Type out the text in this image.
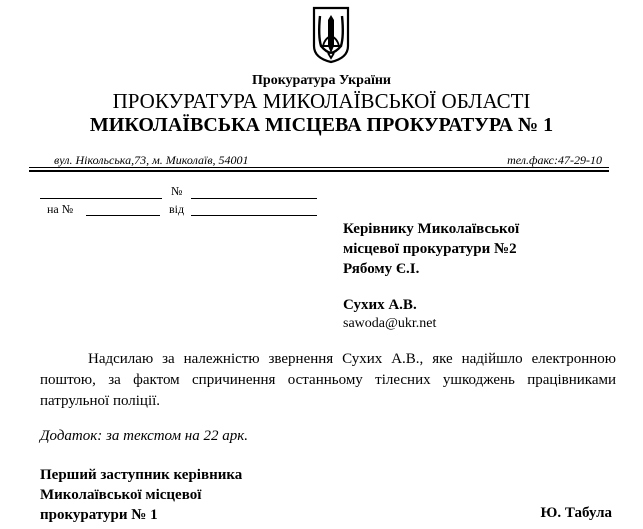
Прокуратура України
ПРОКУРАТУРА МИКОЛАЇВСЬКОЇ ОБЛАСТІ
МИКОЛАЇВСЬКА МІСЦЕВА ПРОКУРАТУРА № 1
вул. Нікольська,73, м. Миколаїв, 54001	тел.факс:47-29-10
№
на №	від
Керівнику Миколаївської
місцевої прокуратури №2
Рябому Є.І.
Сухих А.В.
sawoda@ukr.net
Надсилаю за належністю звернення Сухих А.В., яке надійшло електронною поштою, за фактом спричинення останньому тілесних ушкоджень працівниками патрульної поліції.
Додаток: за текстом на 22 арк.
Перший заступник керівника
Миколаївської місцевої
прокуратури № 1	Ю. Табула
